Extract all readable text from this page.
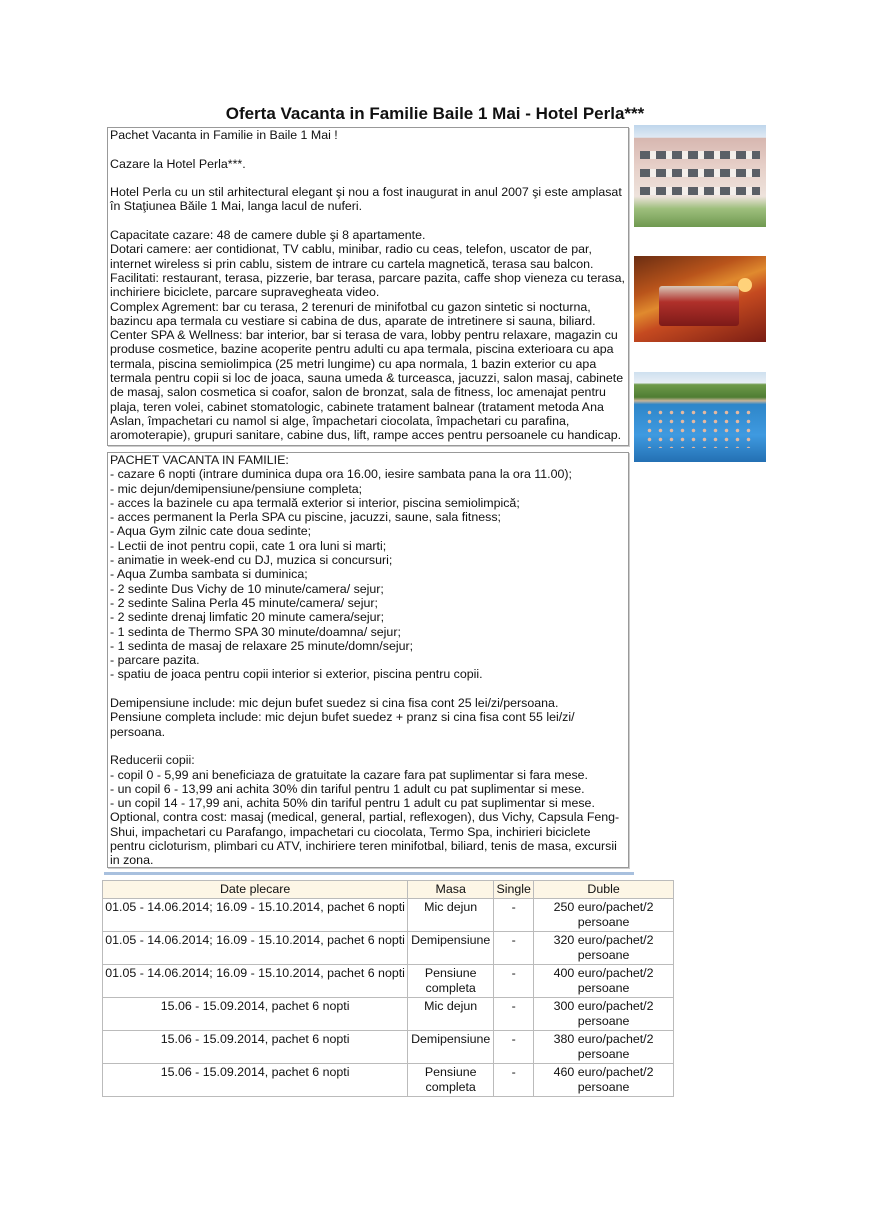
Oferta Vacanta in Familie Baile 1 Mai - Hotel Perla***

Pachet Vacanta in Familie in Baile 1 Mai !

Cazare la Hotel Perla***.

Hotel Perla cu un stil arhitectural elegant şi nou a fost inaugurat in anul 2007 şi este amplasat în Staţiunea Băile 1 Mai, langa lacul de nuferi.

Capacitate cazare: 48 de camere duble şi 8 apartamente.

Dotari camere: aer contidionat, TV cablu, minibar, radio cu ceas, telefon, uscator de par, internet wireless si prin cablu, sistem de intrare cu cartela magnetică, terasa sau balcon.

Facilitati: restaurant, terasa, pizzerie, bar terasa, parcare pazita, caffe shop vieneza cu terasa, inchiriere biciclete, parcare supravegheata video.

Complex Agrement: bar cu terasa, 2 terenuri de minifotbal cu gazon sintetic si nocturna, bazincu apa termala cu vestiare si cabina de dus, aparate de intretinere si sauna, biliard.

Center SPA & Wellness: bar interior, bar si terasa de vara, lobby pentru relaxare, magazin cu produse cosmetice, bazine acoperite pentru adulti cu apa termala, piscina exterioara cu apa termala, piscina semiolimpica (25 metri lungime) cu apa normala, 1 bazin exterior cu apa termala pentru copii si loc de joaca, sauna umeda & turceasca, jacuzzi, salon masaj, cabinete de masaj, salon cosmetica si coafor, salon de bronzat, sala de fitness, loc amenajat pentru plaja, teren volei, cabinet stomatologic, cabinete tratament balnear (tratament metoda Ana Aslan, împachetari cu namol si alge, împachetari ciocolata, împachetari cu parafina, aromoterapie), grupuri sanitare, cabine dus, lift, rampe acces pentru persoanele cu handicap.

PACHET VACANTA IN FAMILIE:

- cazare 6 nopti (intrare duminica dupa ora 16.00, iesire sambata pana la ora 11.00);

- mic dejun/demipensiune/pensiune completa;

- acces la bazinele cu apa termală exterior si interior, piscina semiolimpică;

- acces permanent la Perla SPA cu piscine, jacuzzi, saune, sala fitness;

- Aqua Gym zilnic cate doua sedinte;

- Lectii de inot pentru copii, cate 1 ora luni si marti;

- animatie in week-end cu DJ, muzica si concursuri;

- Aqua Zumba sambata si duminica;

- 2 sedinte Dus Vichy de 10 minute/camera/ sejur;

- 2 sedinte Salina Perla 45 minute/camera/ sejur;

- 2 sedinte drenaj limfatic 20 minute camera/sejur;

- 1 sedinta de Thermo SPA 30 minute/doamna/ sejur;

- 1 sedinta de masaj de relaxare 25 minute/domn/sejur;

- parcare pazita.

- spatiu de joaca pentru copii interior si exterior, piscina pentru copii.

Demipensiune include: mic dejun bufet suedez si cina fisa cont 25 lei/zi/persoana.

Pensiune completa include: mic dejun bufet suedez + pranz si cina fisa cont 55 lei/zi/ persoana.

Reducerii copii:

- copil 0 - 5,99 ani beneficiaza de gratuitate la cazare fara pat suplimentar si fara mese.

- un copil 6 - 13,99 ani achita 30% din tariful pentru 1 adult cu pat suplimentar si mese.

- un copil 14 - 17,99 ani, achita 50% din tariful pentru 1 adult cu pat suplimentar si mese.

Optional, contra cost: masaj (medical, general, partial, reflexogen), dus Vichy, Capsula Feng-Shui, impachetari cu Parafango, impachetari cu ciocolata, Termo Spa, inchirieri biciclete pentru cicloturism, plimbari cu ATV, inchiriere teren minifotbal, biliard, tenis de masa, excursii in zona.

Date plecare	Masa	Single	Duble
01.05 - 14.06.2014; 16.09 - 15.10.2014, pachet 6 nopti	Mic dejun	-	250 euro/pachet/2 persoane
01.05 - 14.06.2014; 16.09 - 15.10.2014, pachet 6 nopti	Demipensiune	-	320 euro/pachet/2 persoane
01.05 - 14.06.2014; 16.09 - 15.10.2014, pachet 6 nopti	Pensiune completa	-	400 euro/pachet/2 persoane
15.06 - 15.09.2014, pachet 6 nopti	Mic dejun	-	300 euro/pachet/2 persoane
15.06 - 15.09.2014, pachet 6 nopti	Demipensiune	-	380 euro/pachet/2 persoane
15.06 - 15.09.2014, pachet 6 nopti	Pensiune completa	-	460 euro/pachet/2 persoane
